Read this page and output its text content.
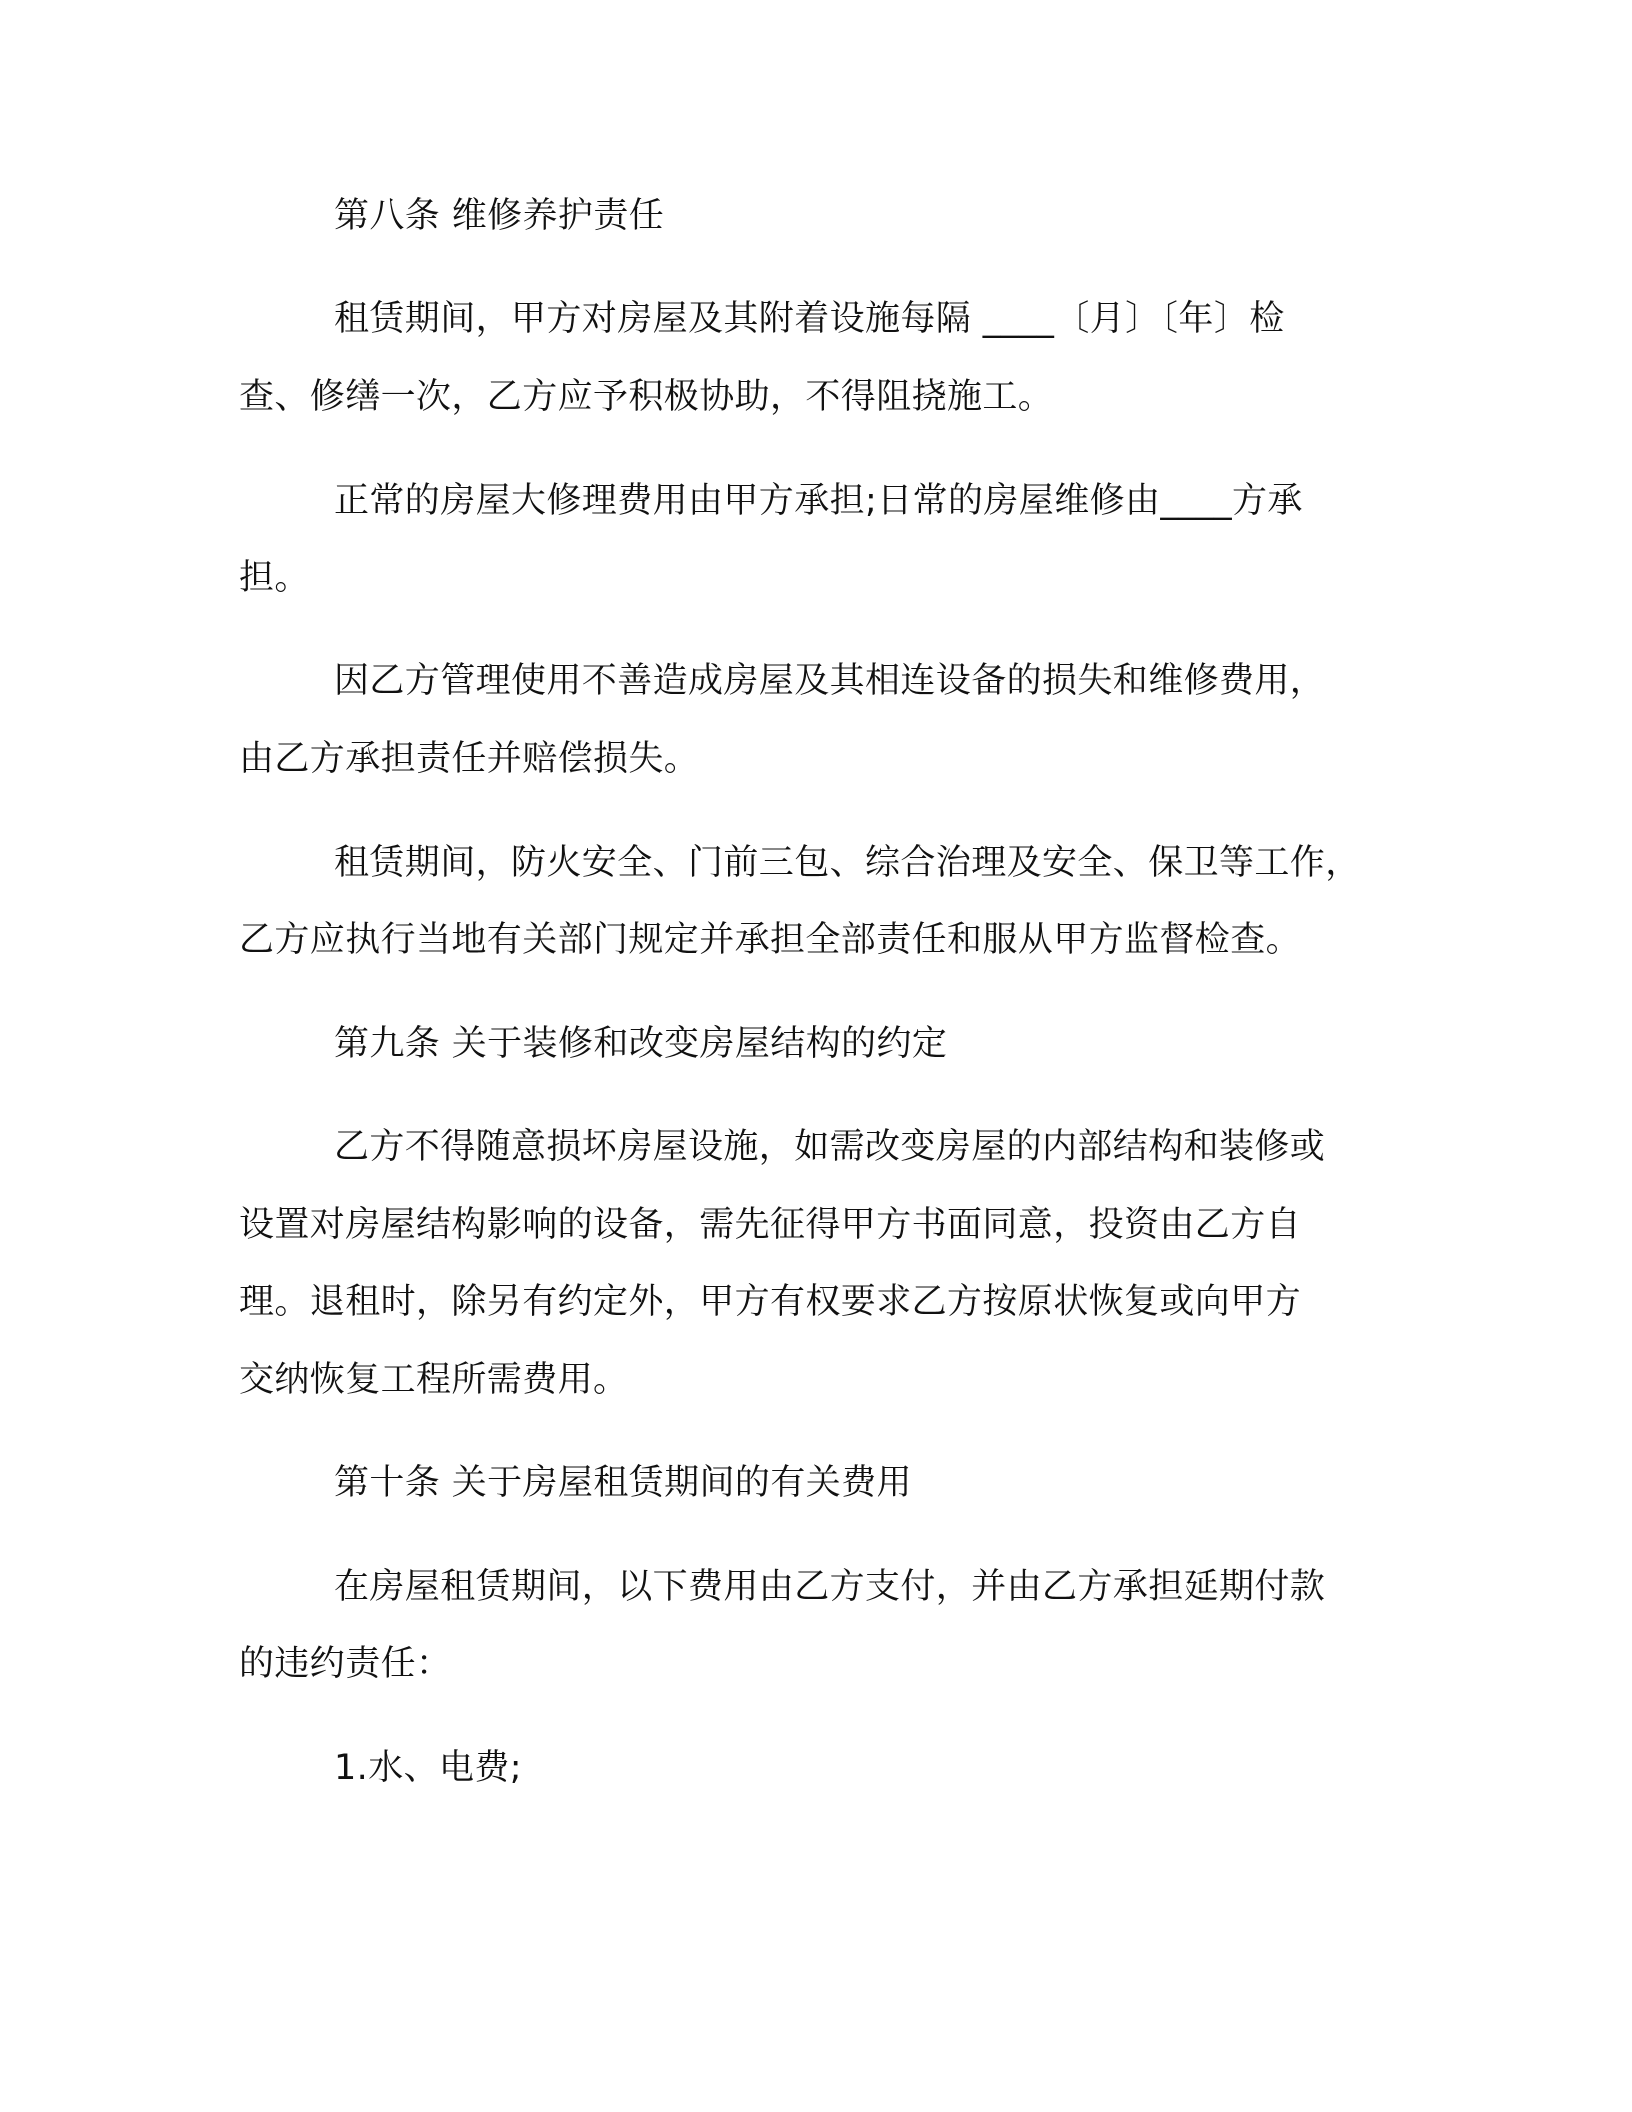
第八条 维修养护责任
租赁期间，甲方对房屋及其附着设施每隔 ____〔月〕〔年〕检
查、修缮一次，乙方应予积极协助，不得阻挠施工。
正常的房屋大修理费用由甲方承担;日常的房屋维修由____方承
担。
因乙方管理使用不善造成房屋及其相连设备的损失和维修费用，
由乙方承担责任并赔偿损失。
租赁期间，防火安全、门前三包、综合治理及安全、保卫等工作，
乙方应执行当地有关部门规定并承担全部责任和服从甲方监督检查。
第九条 关于装修和改变房屋结构的约定
乙方不得随意损坏房屋设施，如需改变房屋的内部结构和装修或
设置对房屋结构影响的设备，需先征得甲方书面同意，投资由乙方自
理。退租时，除另有约定外，甲方有权要求乙方按原状恢复或向甲方
交纳恢复工程所需费用。
第十条 关于房屋租赁期间的有关费用
在房屋租赁期间，以下费用由乙方支付，并由乙方承担延期付款
的违约责任：
1.水、电费;
